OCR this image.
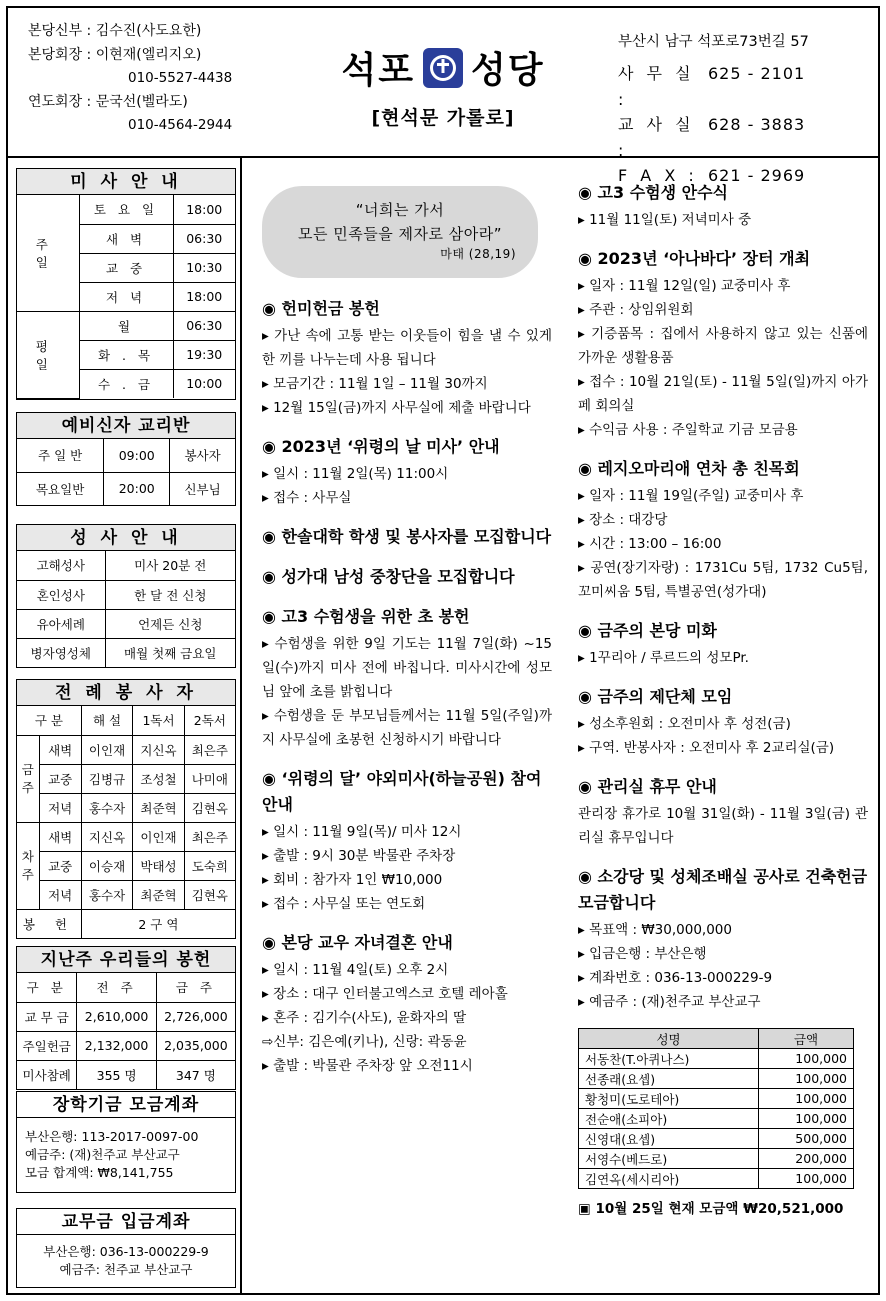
본당신부 : 김수진(사도요한)
본당회장 : 이현재(엘리지오)
010-5527-4438
연도회장 : 문국선(벨라도)
010-4564-2944
석포 성당
[현석문 가롤로]
부산시 남구 석포로73번길 57
사 무 실 :
625 - 2101
교 사 실 :
628 - 3883
F A X : 621 - 2969
미 사 안 내
주 일	토 요 일	18:00
	새 벽	06:30
	교 중	10:30
	저 녁	18:00
평 일	월	06:30
	화 . 목	19:30
	수 . 금	10:00
예비신자 교리반
주 일 반	09:00	봉사자
목요일반	20:00	신부님
성 사 안 내
고해성사	미사 20분 전
혼인성사	한 달 전 신청
유아세례	언제든 신청
병자영성체	매월 첫째 금요일
전 례 봉 사 자
구 분		해 설	1독서	2독서
금주	새벽	이인재	지신옥	최은주
	교중	김병규	조성철	나미애
	저녁	홍수자	최준혁	김현옥
차주	새벽	지신옥	이인재	최은주
	교중	이승재	박태성	도숙희
	저녁	홍수자	최준혁	김현옥
봉 헌		2 구 역		
지난주 우리들의 봉헌
구 분	전 주	금 주
교 무 금	2,610,000	2,726,000
주일헌금	2,132,000	2,035,000
미사참례	355 명	347 명
장학기금 모금계좌
부산은행: 113-2017-0097-00
예금주: (재)천주교 부산교구
모금 합계액: ₩8,141,755
교무금 입금계좌
부산은행: 036-13-000229-9
예금주: 천주교 부산교구
“너희는 가서
모든 민족들을 제자로 삼아라”
마태 (28,19)
◉ 헌미헌금 봉헌
▸ 가난 속에 고통 받는 이웃들이 힘을 낼 수 있게 한 끼를 나누는데 사용 됩니다
▸ 모금기간 : 11월 1일 – 11월 30까지
▸ 12월 15일(금)까지 사무실에 제출 바랍니다
◉ 2023년 ‘위령의 날 미사’ 안내
▸ 일시 : 11월 2일(목) 11:00시
▸ 접수 : 사무실
◉ 한솔대학 학생 및 봉사자를 모집합니다
◉ 성가대 남성 중창단을 모집합니다
◉ 고3 수험생을 위한 초 봉헌
▸ 수험생을 위한 9일 기도는 11월 7일(화) ~15일(수)까지 미사 전에 바칩니다. 미사시간에 성모님 앞에 초를 밝힙니다
▸ 수험생을 둔 부모님들께서는 11월 5일(주일)까지 사무실에 초봉헌 신청하시기 바랍니다
◉ ‘위령의 달’ 야외미사(하늘공원) 참여 안내
▸ 일시 : 11월 9일(목)/ 미사 12시
▸ 출발 : 9시 30분 박물관 주차장
▸ 회비 : 참가자 1인 ₩10,000
▸ 접수 : 사무실 또는 연도회
◉ 본당 교우 자녀결혼 안내
▸ 일시 : 11월 4일(토) 오후 2시
▸ 장소 : 대구 인터불고엑스코 호텔 레아홀
▸ 혼주 : 김기수(사도), 윤화자의 딸
⇨신부: 김은예(키나), 신랑: 곽동윤
▸ 출발 : 박물관 주차장 앞 오전11시
◉ 고3 수험생 안수식
▸ 11월 11일(토) 저녁미사 중
◉ 2023년 ‘아나바다’ 장터 개최
▸ 일자 : 11월 12일(일) 교중미사 후
▸ 주관 : 상임위원회
▸ 기증품목 : 집에서 사용하지 않고 있는 신품에 가까운 생활용품
▸ 접수 : 10월 21일(토) - 11월 5일(일)까지 아가페 회의실
▸ 수익금 사용 : 주일학교 기금 모금용
◉ 레지오마리애 연차 총 친목회
▸ 일자 : 11월 19일(주일) 교중미사 후
▸ 장소 : 대강당
▸ 시간 : 13:00 – 16:00
▸ 공연(장기자랑) : 1731Cu 5팀, 1732 Cu5팀, 꼬미씨움 5팀, 특별공연(성가대)
◉ 금주의 본당 미화
▸ 1꾸리아 / 루르드의 성모Pr.
◉ 금주의 제단체 모임
▸ 성소후원회 : 오전미사 후 성전(금)
▸ 구역. 반봉사자 : 오전미사 후 2교리실(금)
◉ 관리실 휴무 안내
관리장 휴가로 10월 31일(화) - 11월 3일(금) 관리실 휴무입니다
◉ 소강당 및 성체조배실 공사로 건축헌금 모금합니다
▸ 목표액 : ₩30,000,000
▸ 입금은행 : 부산은행
▸ 계좌번호 : 036-13-000229-9
▸ 예금주 : (재)천주교 부산교구
성명	금액
서동찬(T.아퀴나스)	100,000
선종래(요셉)	100,000
황청미(도로테아)	100,000
전순애(소피아)	100,000
신영대(요셉)	500,000
서영수(베드로)	200,000
김연옥(세시리아)	100,000
▣ 10월 25일 현재 모금액 ₩20,521,000
